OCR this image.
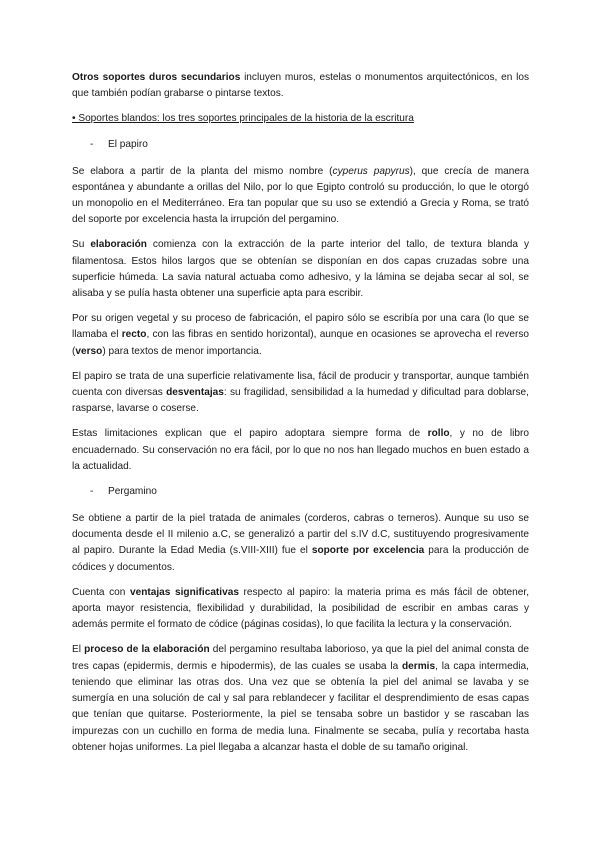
Otros soportes duros secundarios incluyen muros, estelas o monumentos arquitectónicos, en los que también podían grabarse o pintarse textos.

• Soportes blandos: los tres soportes principales de la historia de la escritura

-	El papiro

Se elabora a partir de la planta del mismo nombre (cyperus papyrus), que crecía de manera espontánea y abundante a orillas del Nilo, por lo que Egipto controló su producción, lo que le otorgó un monopolio en el Mediterráneo. Era tan popular que su uso se extendió a Grecia y Roma, se trató del soporte por excelencia hasta la irrupción del pergamino.

Su elaboración comienza con la extracción de la parte interior del tallo, de textura blanda y filamentosa. Estos hilos largos que se obtenían se disponían en dos capas cruzadas sobre una superficie húmeda. La savia natural actuaba como adhesivo, y la lámina se dejaba secar al sol, se alisaba y se pulía hasta obtener una superficie apta para escribir.

Por su origen vegetal y su proceso de fabricación, el papiro sólo se escribía por una cara (lo que se llamaba el recto, con las fibras en sentido horizontal), aunque en ocasiones se aprovecha el reverso (verso) para textos de menor importancia.

El papiro se trata de una superficie relativamente lisa, fácil de producir y transportar, aunque también cuenta con diversas desventajas: su fragilidad, sensibilidad a la humedad y dificultad para doblarse, rasparse, lavarse o coserse.

Estas limitaciones explican que el papiro adoptara siempre forma de rollo, y no de libro encuadernado. Su conservación no era fácil, por lo que no nos han llegado muchos en buen estado a la actualidad.

-	Pergamino

Se obtiene a partir de la piel tratada de animales (corderos, cabras o terneros). Aunque su uso se documenta desde el II milenio a.C, se generalizó a partir del s.IV d.C, sustituyendo progresivamente al papiro. Durante la Edad Media (s.VIII-XIII) fue el soporte por excelencia para la producción de códices y documentos.

Cuenta con ventajas significativas respecto al papiro: la materia prima es más fácil de obtener, aporta mayor resistencia, flexibilidad y durabilidad, la posibilidad de escribir en ambas caras y además permite el formato de códice (páginas cosidas), lo que facilita la lectura y la conservación.

El proceso de la elaboración del pergamino resultaba laborioso, ya que la piel del animal consta de tres capas (epidermis, dermis e hipodermis), de las cuales se usaba la dermis, la capa intermedia, teniendo que eliminar las otras dos. Una vez que se obtenía la piel del animal se lavaba y se sumergía en una solución de cal y sal para reblandecer y facilitar el desprendimiento de esas capas que tenían que quitarse. Posteriormente, la piel se tensaba sobre un bastidor y se rascaban las impurezas con un cuchillo en forma de media luna. Finalmente se secaba, pulía y recortaba hasta obtener hojas uniformes. La piel llegaba a alcanzar hasta el doble de su tamaño original.
